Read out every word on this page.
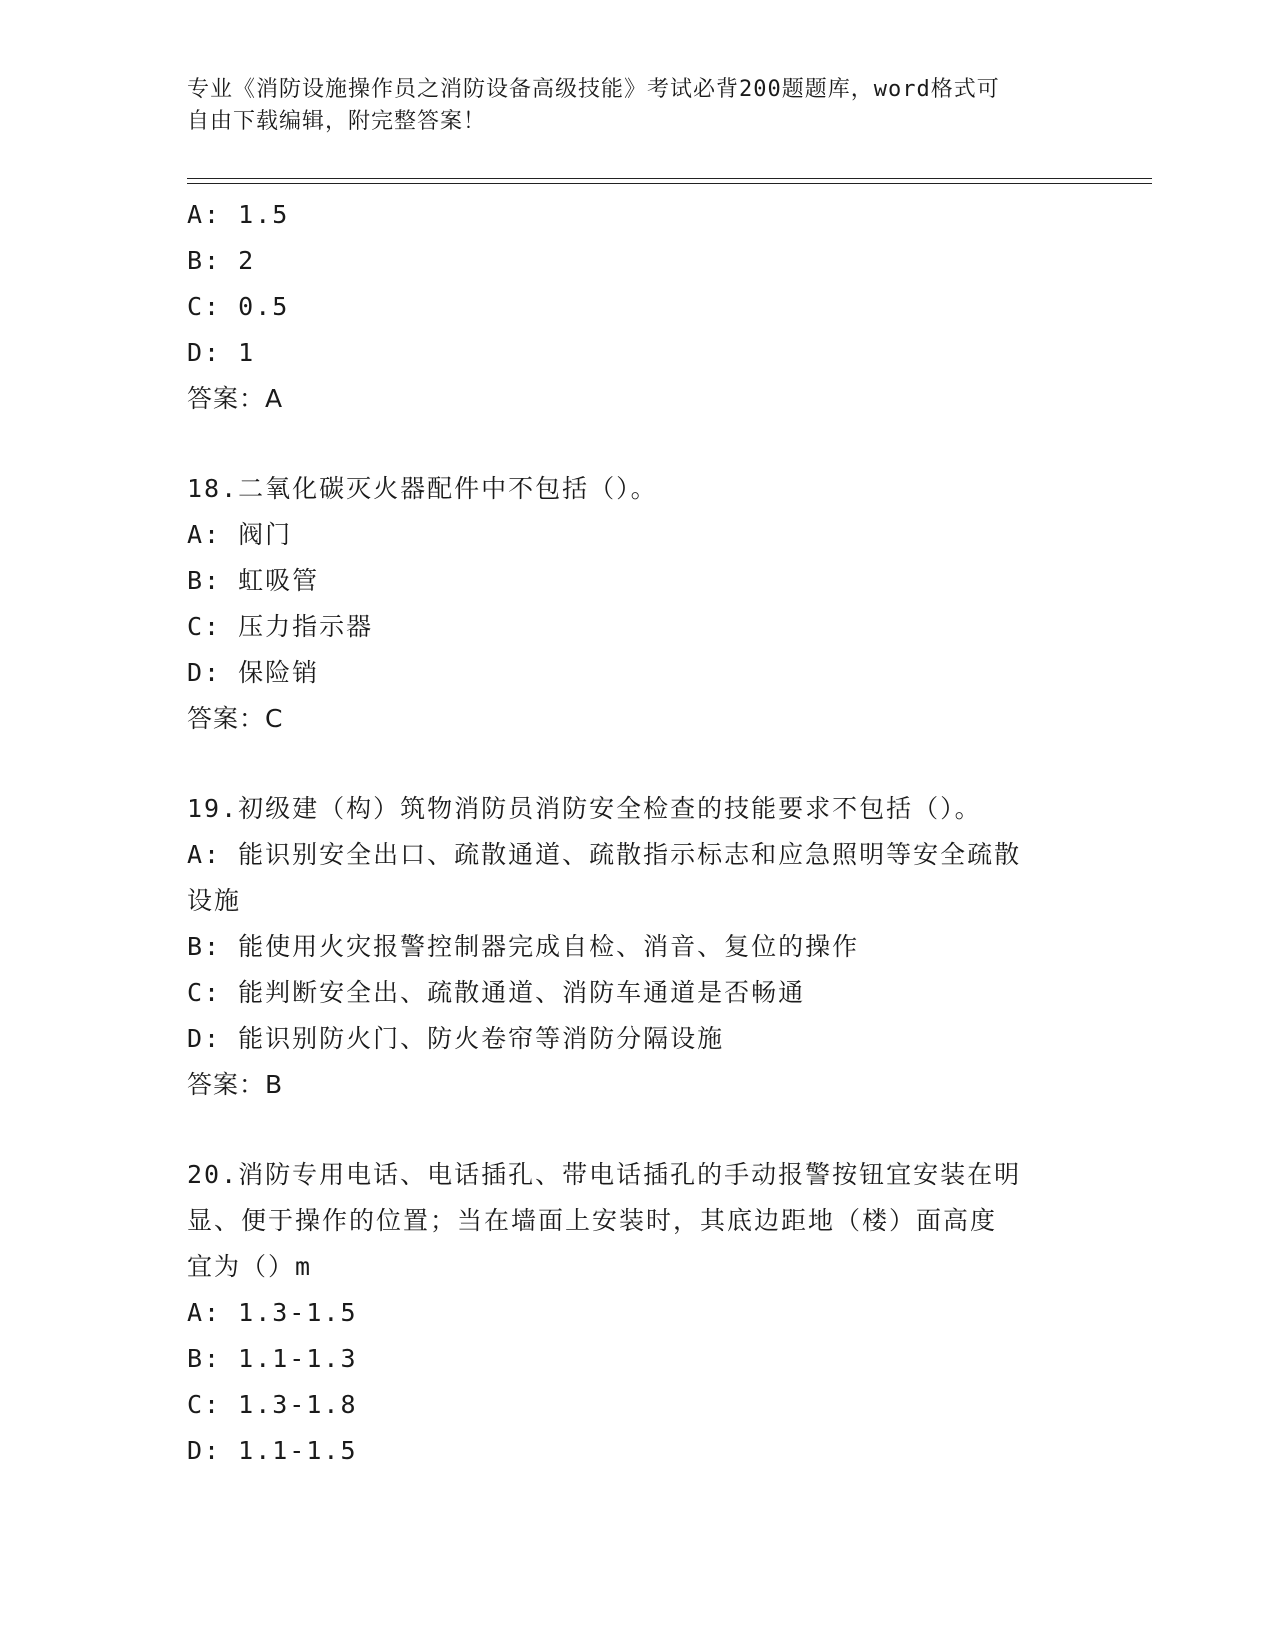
专业《消防设施操作员之消防设备高级技能》考试必背200题题库，word格式可
自由下载编辑，附完整答案！
A: 1.5
B: 2
C: 0.5
D: 1
答案：A
18.二氧化碳灭火器配件中不包括（）。
A: 阀门
B: 虹吸管
C: 压力指示器
D: 保险销
答案：C
19.初级建（构）筑物消防员消防安全检查的技能要求不包括（）。
A: 能识别安全出口、疏散通道、疏散指示标志和应急照明等安全疏散
设施
B: 能使用火灾报警控制器完成自检、消音、复位的操作
C: 能判断安全出、疏散通道、消防车通道是否畅通
D: 能识别防火门、防火卷帘等消防分隔设施
答案：B
20.消防专用电话、电话插孔、带电话插孔的手动报警按钮宜安装在明
显、便于操作的位置；当在墙面上安装时，其底边距地（楼）面高度
宜为（）m
A: 1.3-1.5
B: 1.1-1.3
C: 1.3-1.8
D: 1.1-1.5
